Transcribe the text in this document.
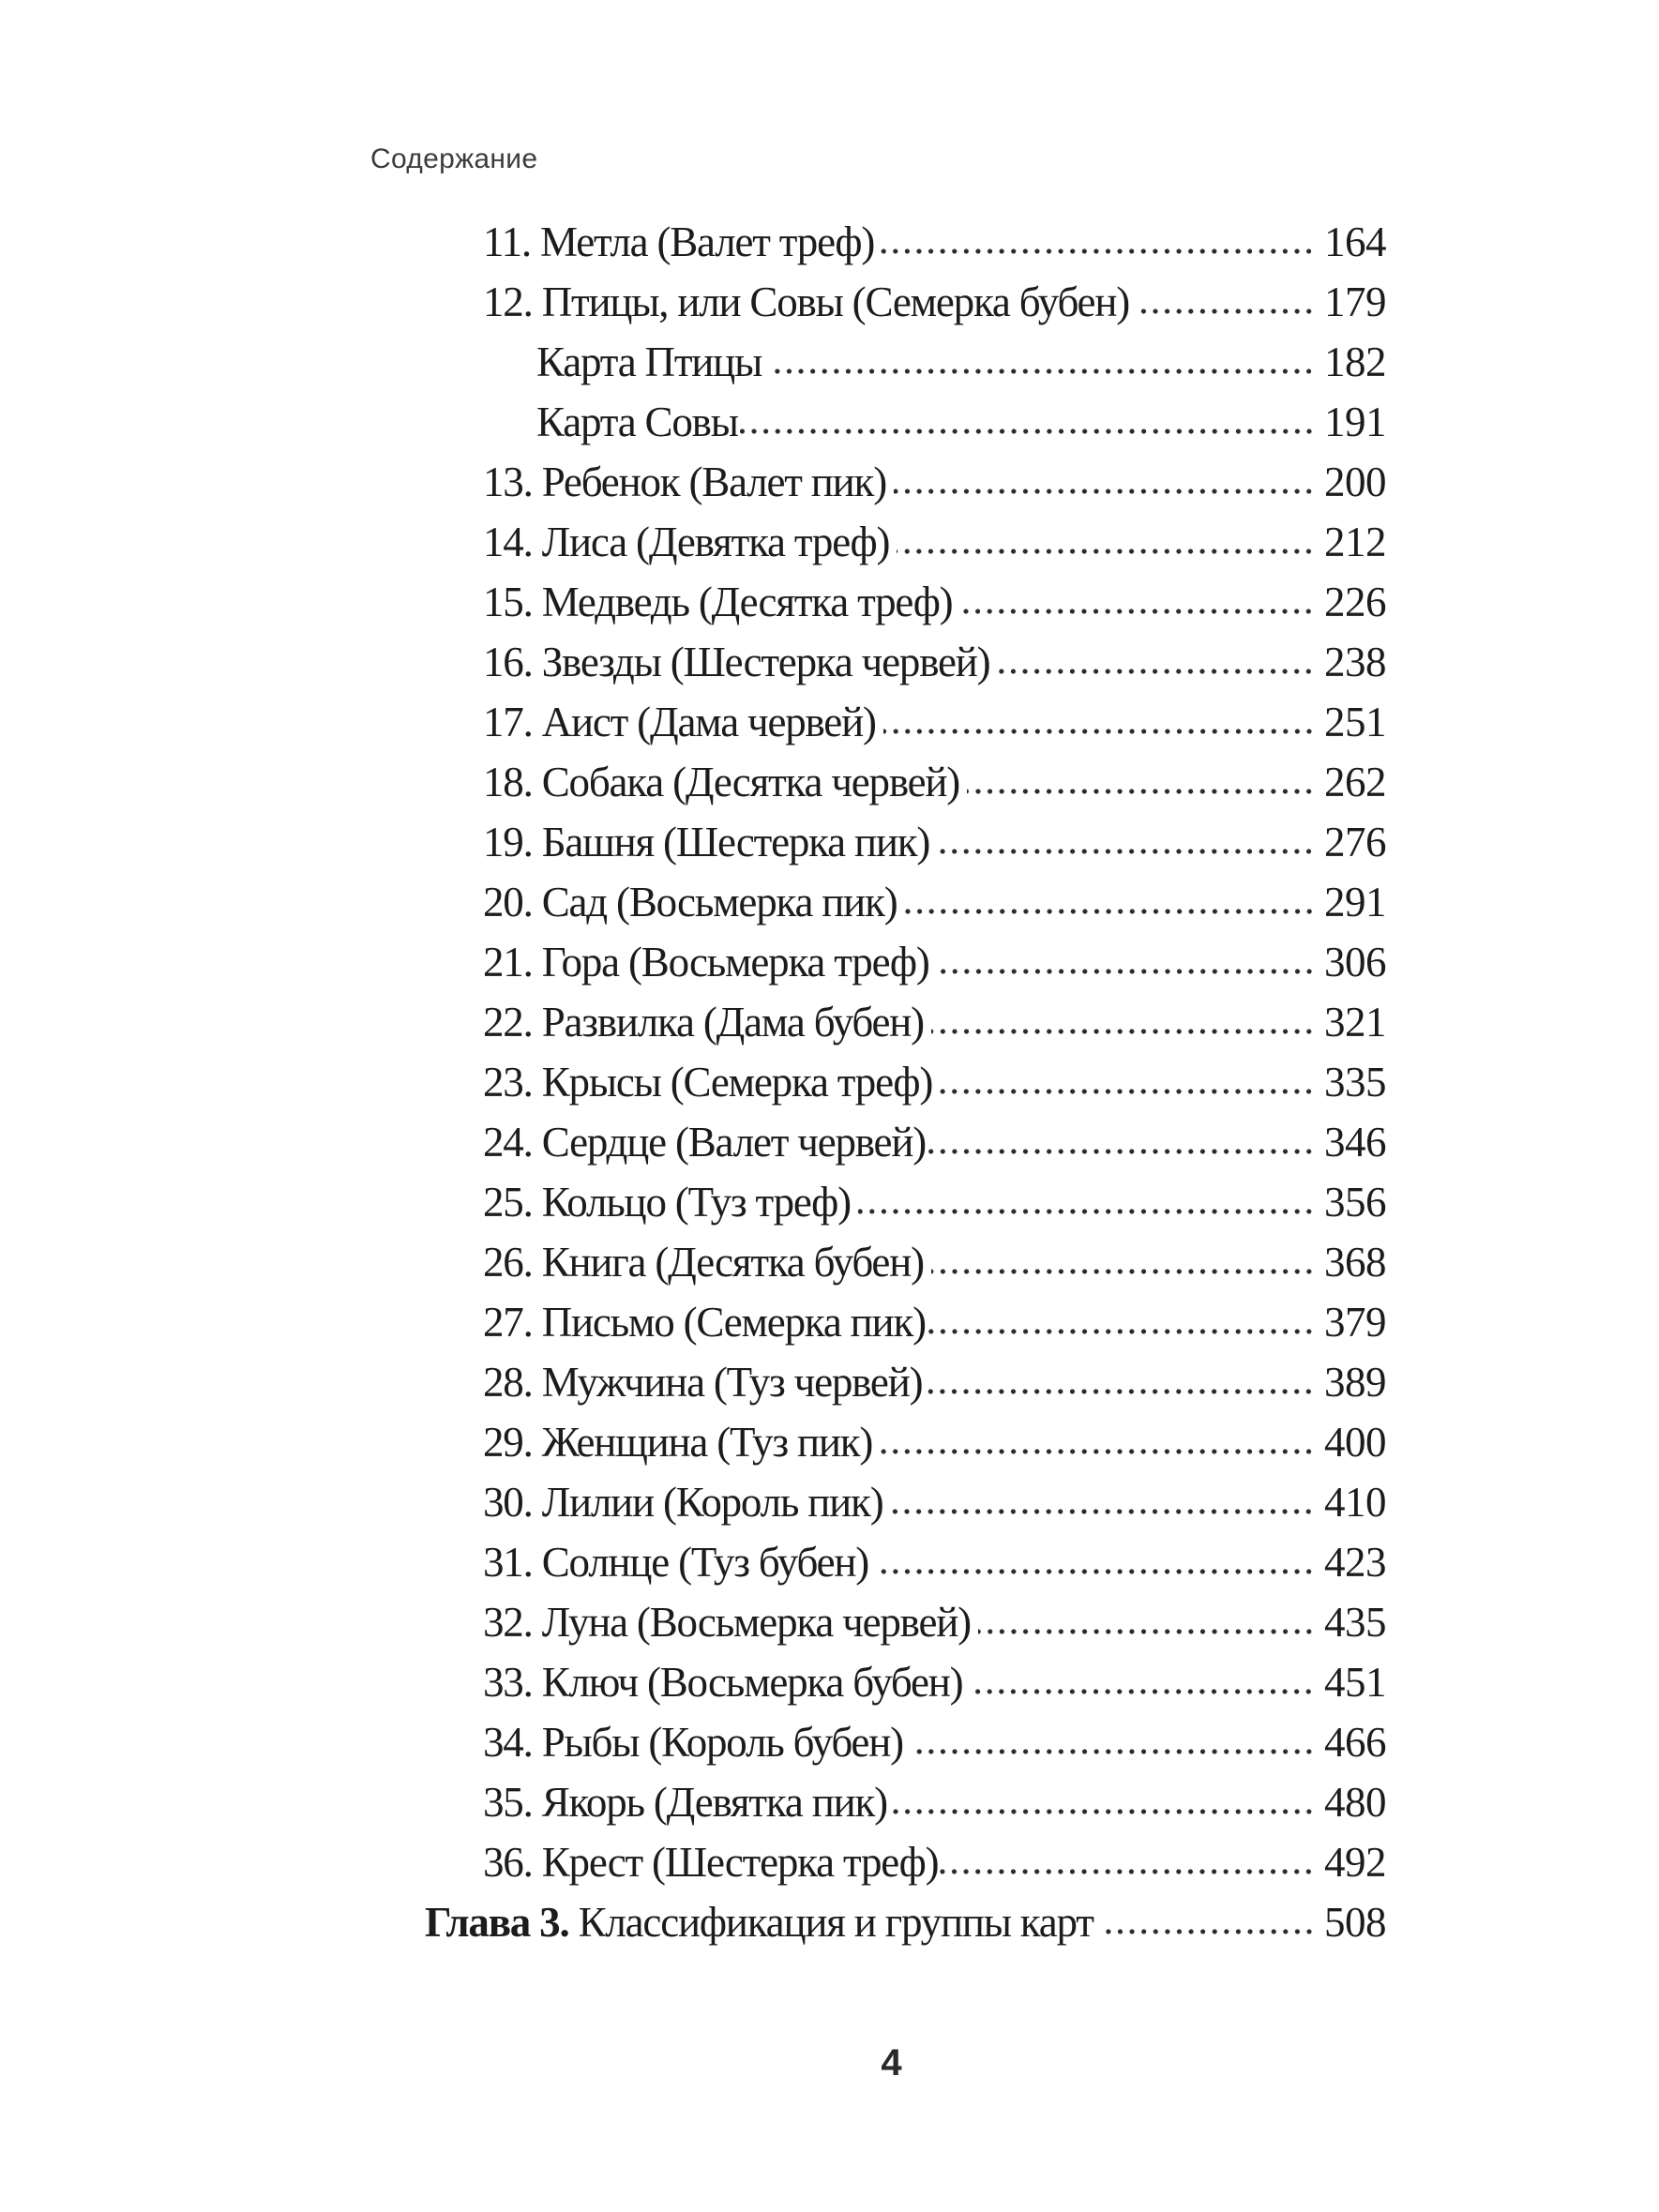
Содержание
11. Метла (Валет треф)	164
12. Птицы, или Совы (Семерка бубен)	179
Карта Птицы	182
Карта Совы	191
13. Ребенок (Валет пик)	200
14. Лиса (Девятка треф)	212
15. Медведь (Десятка треф)	226
16. Звезды (Шестерка червей)	238
17. Аист (Дама червей)	251
18. Собака (Десятка червей)	262
19. Башня (Шестерка пик)	276
20. Сад (Восьмерка пик)	291
21. Гора (Восьмерка треф)	306
22. Развилка (Дама бубен)	321
23. Крысы (Семерка треф)	335
24. Сердце (Валет червей)	346
25. Кольцо (Туз треф)	356
26. Книга (Десятка бубен)	368
27. Письмо (Семерка пик)	379
28. Мужчина (Туз червей)	389
29. Женщина (Туз пик)	400
30. Лилии (Король пик)	410
31. Солнце (Туз бубен)	423
32. Луна (Восьмерка червей)	435
33. Ключ (Восьмерка бубен)	451
34. Рыбы (Король бубен)	466
35. Якорь (Девятка пик)	480
36. Крест (Шестерка треф)	492
Глава 3. Классификация и группы карт	508
4
